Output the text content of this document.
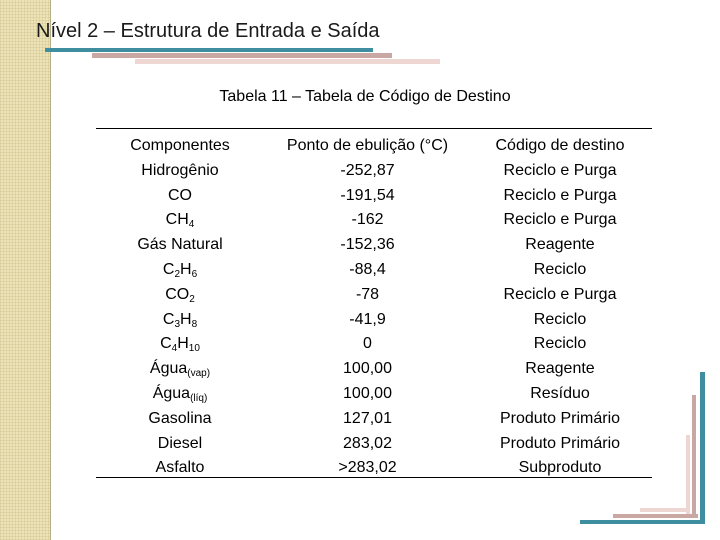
Nível 2 – Estrutura de Entrada e Saída
Tabela 11 – Tabela de Código de Destino
Componentes
Hidrogênio
CO
$CH_4$
Gás Natural
$C_2H_6$
$CO_2$
$C_3H_8$
$C_4H_{10}$
Água$_{(vap)}$
Água$_{(líq)}$
Gasolina
Diesel
Asfalto
Ponto de ebulição (°C)
-252,87
-191,54
-162
-152,36
-88,4
-78
-41,9
0
100,00
100,00
127,01
283,02
>283,02
Código de destino
Reciclo e Purga
Reciclo e Purga
Reciclo e Purga
Reagente
Reciclo
Reciclo e Purga
Reciclo
Reciclo
Reagente
Resíduo
Produto Primário
Produto Primário
Subproduto
